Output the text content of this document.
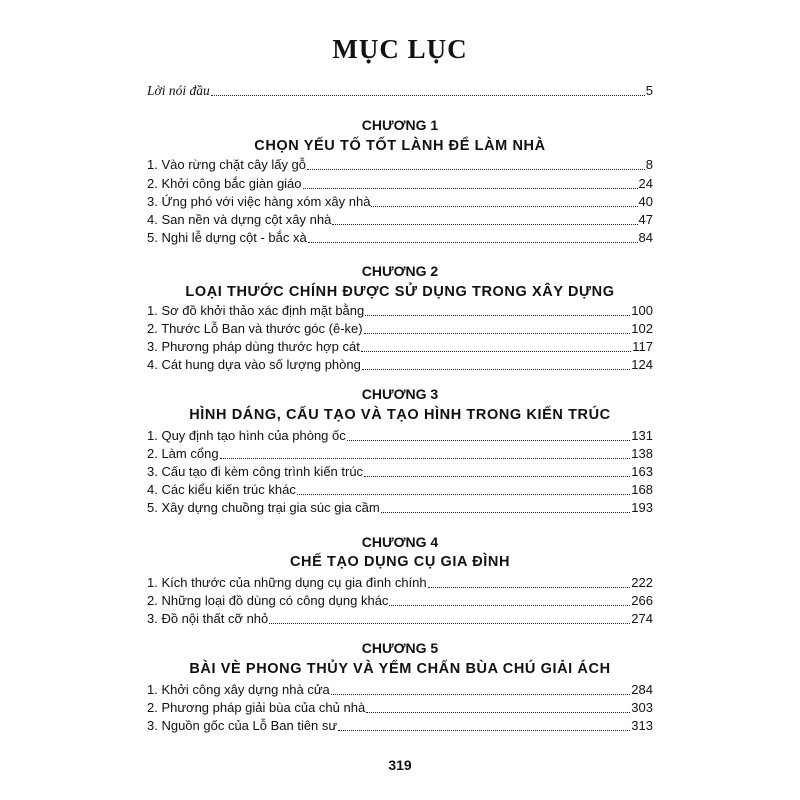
MỤC LỤC
Lời nói đầu	5
CHƯƠNG 1
CHỌN YẾU TỐ TỐT LÀNH ĐỂ LÀM NHÀ
1. Vào rừng chặt cây lấy gỗ	8
2. Khởi công bắc giàn giáo	24
3. Ứng phó với việc hàng xóm xây nhà	40
4. San nền và dựng cột xây nhà	47
5. Nghi lễ dựng cột - bắc xà	84
CHƯƠNG 2
LOẠI THƯỚC CHÍNH ĐƯỢC SỬ DỤNG TRONG XÂY DỰNG
1. Sơ đồ khởi thảo xác định mặt bằng	100
2. Thước Lỗ Ban và thước góc (ê-ke)	102
3. Phương pháp dùng thước hợp cát	117
4. Cát hung dựa vào số lượng phòng	124
CHƯƠNG 3
HÌNH DÁNG, CẤU TẠO VÀ TẠO HÌNH TRONG KIẾN TRÚC
1. Quy định tạo hình của phòng ốc	131
2. Làm cổng	138
3. Cấu tạo đi kèm công trình kiến trúc	163
4. Các kiểu kiến trúc khác	168
5. Xây dựng chuồng trại gia súc gia cầm	193
CHƯƠNG 4
CHẾ TẠO DỤNG CỤ GIA ĐÌNH
1. Kích thước của những dụng cụ gia đình chính	222
2. Những loại đồ dùng có công dụng khác	266
3. Đồ nội thất cỡ nhỏ	274
CHƯƠNG 5
BÀI VÈ PHONG THỦY VÀ YỂM CHẤN BÙA CHÚ GIẢI ÁCH
1. Khởi công xây dựng nhà cửa	284
2. Phương pháp giải bùa của chủ nhà	303
3. Nguồn gốc của Lỗ Ban tiên sư	313
319
